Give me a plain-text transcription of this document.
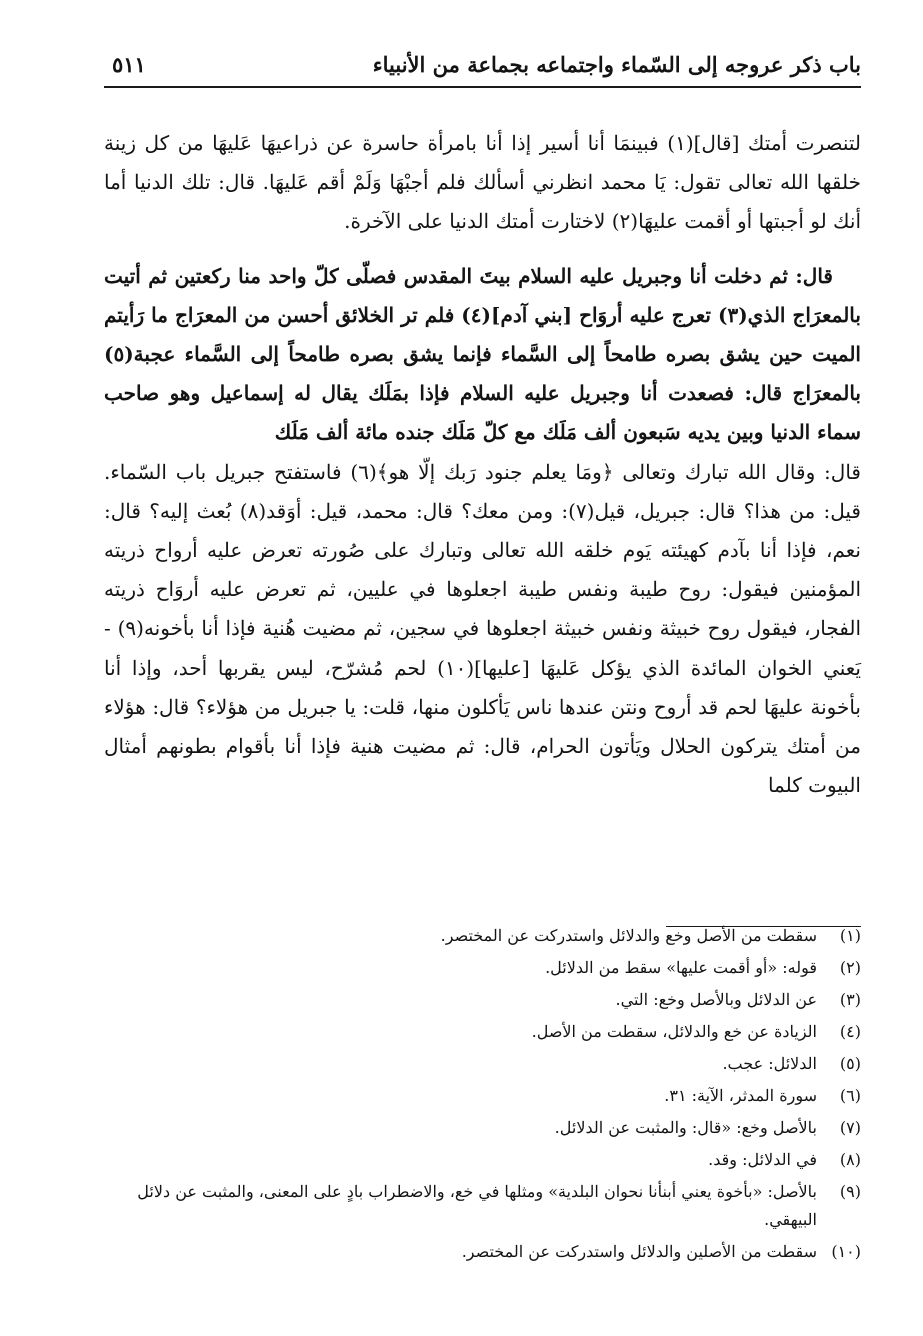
باب ذكر عروجه إلى السّماء واجتماعه بجماعة من الأنبياء
٥١١

لتنصرت أمتك [قال](١) فبينمَا أنا أسير إذا أنا بامرأة حاسرة عن ذراعيهَا عَليهَا من كل زينة خلقها الله تعالى تقول: يَا محمد انظرني أسألك فلم أجبْهَا وَلَمْ أقم عَليهَا. قال: تلك الدنيا أما أنك لو أجبتها أو أقمت عليهَا(٢) لاختارت أمتك الدنيا على الآخرة.

قال: ثم دخلت أنا وجبريل عليه السلام بيتَ المقدس فصلّى كلّ واحد منا ركعتين ثم أتيت بالمعرَاج الذي(٣) تعرج عليه أروَاح [بني آدم](٤) فلم تر الخلائق أحسن من المعرَاج ما رَأيتم الميت حين يشق بصره طامحاً إلى السَّماء فإنما يشق بصره طامحاً إلى السَّماء عجبة(٥) بالمعرَاج قال: فصعدت أنا وجبريل عليه السلام فإذا بمَلَك يقال له إسماعيل وهو صاحب سماء الدنيا وبين يديه سَبعون ألف مَلَك مع كلّ مَلَك جنده مائة ألف مَلَك

قال: وقال الله تبارك وتعالى ﴿ومَا يعلم جنود رَبك إلّا هو﴾(٦) فاستفتح جبريل باب السّماء. قيل: من هذا؟ قال: جبريل، قيل(٧): ومن معك؟ قال: محمد، قيل: أوَقد(٨) بُعث إليه؟ قال: نعم، فإذا أنا بآدم كهيئته يَوم خلقه الله تعالى وتبارك على صُورته تعرض عليه أرواح ذريته المؤمنين فيقول: روح طيبة ونفس طيبة اجعلوها في عليين، ثم تعرض عليه أروَاح ذريته الفجار، فيقول روح خبيثة ونفس خبيثة اجعلوها في سجين، ثم مضيت هُنية فإذا أنا بأخونه(٩) - يَعني الخوان المائدة الذي يؤكل عَليهَا [عليها](١٠) لحم مُشرّح، ليس يقربها أحد، وإذا أنا بأخونة عليهَا لحم قد أروح ونتن عندها ناس يَأكلون منها، قلت: يا جبريل من هؤلاء؟ قال: هؤلاء من أمتك يتركون الحلال ويَأتون الحرام، قال: ثم مضيت هنية فإذا أنا بأقوام بطونهم أمثال البيوت كلما

(١)
سقطت من الأصل وخع والدلائل واستدركت عن المختصر.
(٢)
قوله: «أو أقمت عليها» سقط من الدلائل.
(٣)
عن الدلائل وبالأصل وخع: التي.
(٤)
الزيادة عن خع والدلائل، سقطت من الأصل.
(٥)
الدلائل: عجب.
(٦)
سورة المدثر، الآية: ٣١.
(٧)
بالأصل وخع: «قال: والمثبت عن الدلائل.
(٨)
في الدلائل: وقد.
(٩)
بالأصل: «بأخوة يعني أبنأنا نحوان البلدية» ومثلها في خع، والاضطراب بادٍ على المعنى، والمثبت عن دلائل البيهقي.
(١٠)
سقطت من الأصلين والدلائل واستدركت عن المختصر.
